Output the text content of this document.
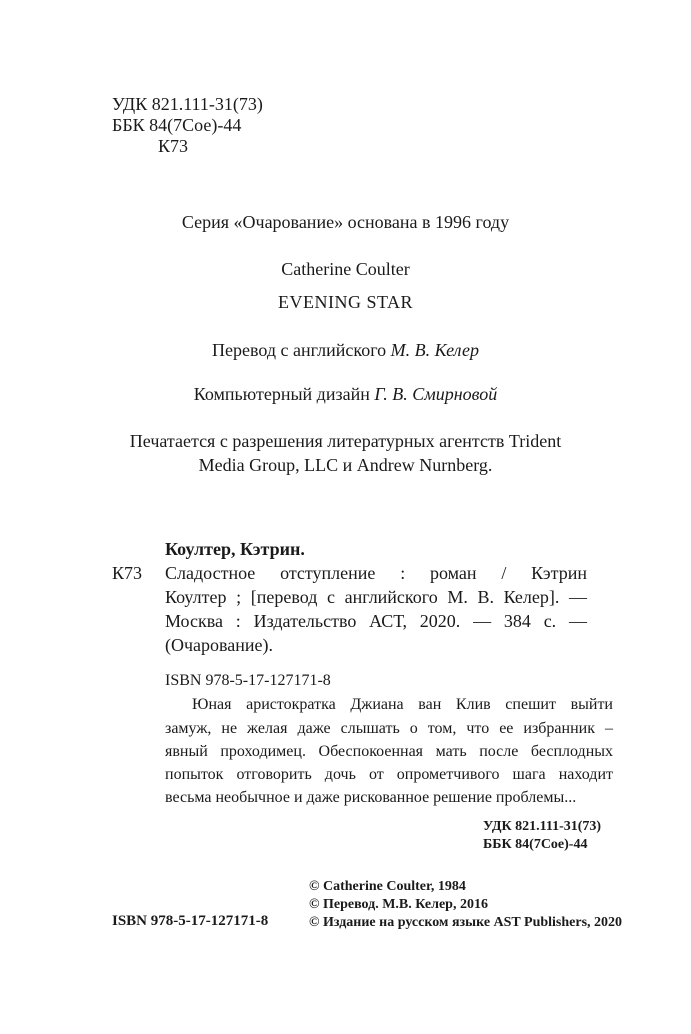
УДК 821.111-31(73)
ББК 84(7Сое)-44
К73
Серия «Очарование» основана в 1996 году
Catherine Coulter
EVENING STAR
Перевод с английского М. В. Келер
Компьютерный дизайн Г. В. Смирновой
Печатается с разрешения литературных агентств Trident
Media Group, LLC и Andrew Nurnberg.
Коултер, Кэтрин.
К73 Сладостное отступление : роман / Кэтрин
Коултер ; [перевод с английского М. В. Келер]. —
Москва : Издательство АСТ, 2020. — 384 с. —
(Очарование).
ISBN 978-5-17-127171-8
Юная аристократка Джиана ван Клив спешит выйти
замуж, не желая даже слышать о том, что ее избранник –
явный проходимец. Обеспокоенная мать после бесплодных
попыток отговорить дочь от опрометчивого шага находит
весьма необычное и даже рискованное решение проблемы...
УДК 821.111-31(73)
ББК 84(7Сое)-44
© Catherine Coulter, 1984
© Перевод. М.В. Келер, 2016
© Издание на русском языке AST Publishers, 2020
ISBN 978-5-17-127171-8
